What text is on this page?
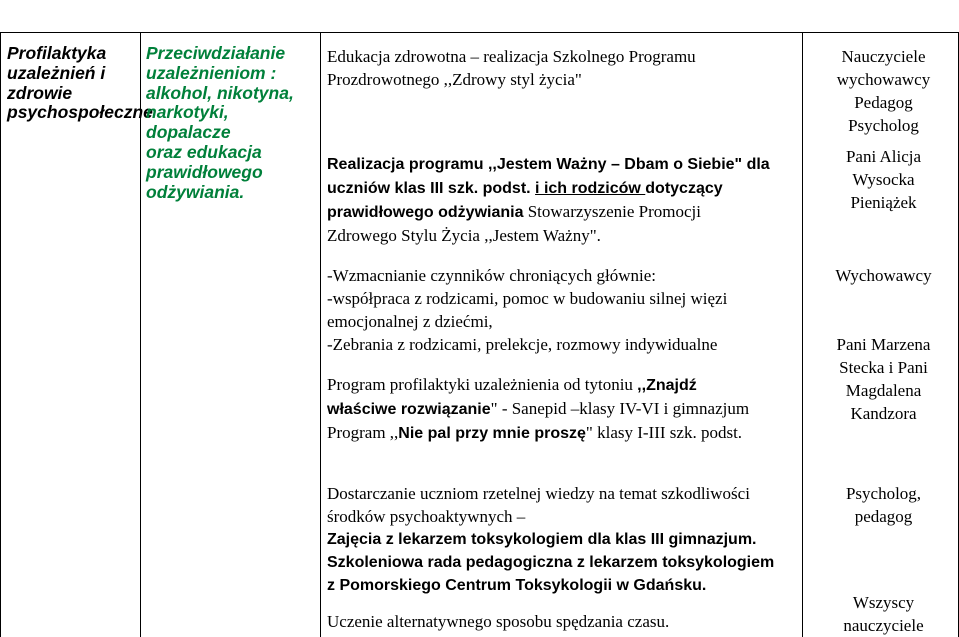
Profilaktyka
uzależnień i
zdrowie
psychospołeczne
Przeciwdziałanie
uzależnieniom :
alkohol, nikotyna,
narkotyki, dopalacze
oraz edukacja
prawidłowego
odżywiania.

Edukacja zdrowotna – realizacja Szkolnego Programu

Prozdrowotnego ,,Zdrowy styl życia"

Realizacja programu ,,Jestem Ważny – Dbam o Siebie" dla

uczniów klas III szk. podst. i ich rodziców dotyczący

prawidłowego odżywiania Stowarzyszenie Promocji

Zdrowego Stylu Życia ,,Jestem Ważny".

Nauczyciele

wychowawcy

Pedagog

Psycholog

Pani Alicja

Wysocka

Pieniążek

-Wzmacnianie czynników chroniących głównie:

-współpraca z rodzicami, pomoc w budowaniu silnej więzi

emocjonalnej z dziećmi,

-Zebrania z rodzicami, prelekcje, rozmowy indywidualne

Program profilaktyki uzależnienia od tytoniu ,,Znajdź

właściwe rozwiązanie" - Sanepid –klasy IV-VI i gimnazjum

Program ,,Nie pal przy mnie proszę" klasy I-III szk. podst.

Wychowawcy

Pani Marzena

Stecka i Pani

Magdalena

Kandzora

Dostarczanie uczniom rzetelnej wiedzy na temat szkodliwości

środków psychoaktywnych –

Zajęcia z lekarzem toksykologiem dla klas III gimnazjum.

Szkoleniowa rada pedagogiczna z lekarzem toksykologiem

z Pomorskiego Centrum Toksykologii w Gdańsku.

Uczenie alternatywnego sposobu spędzania czasu.

Psycholog,

pedagog

Wszyscy

nauczyciele
